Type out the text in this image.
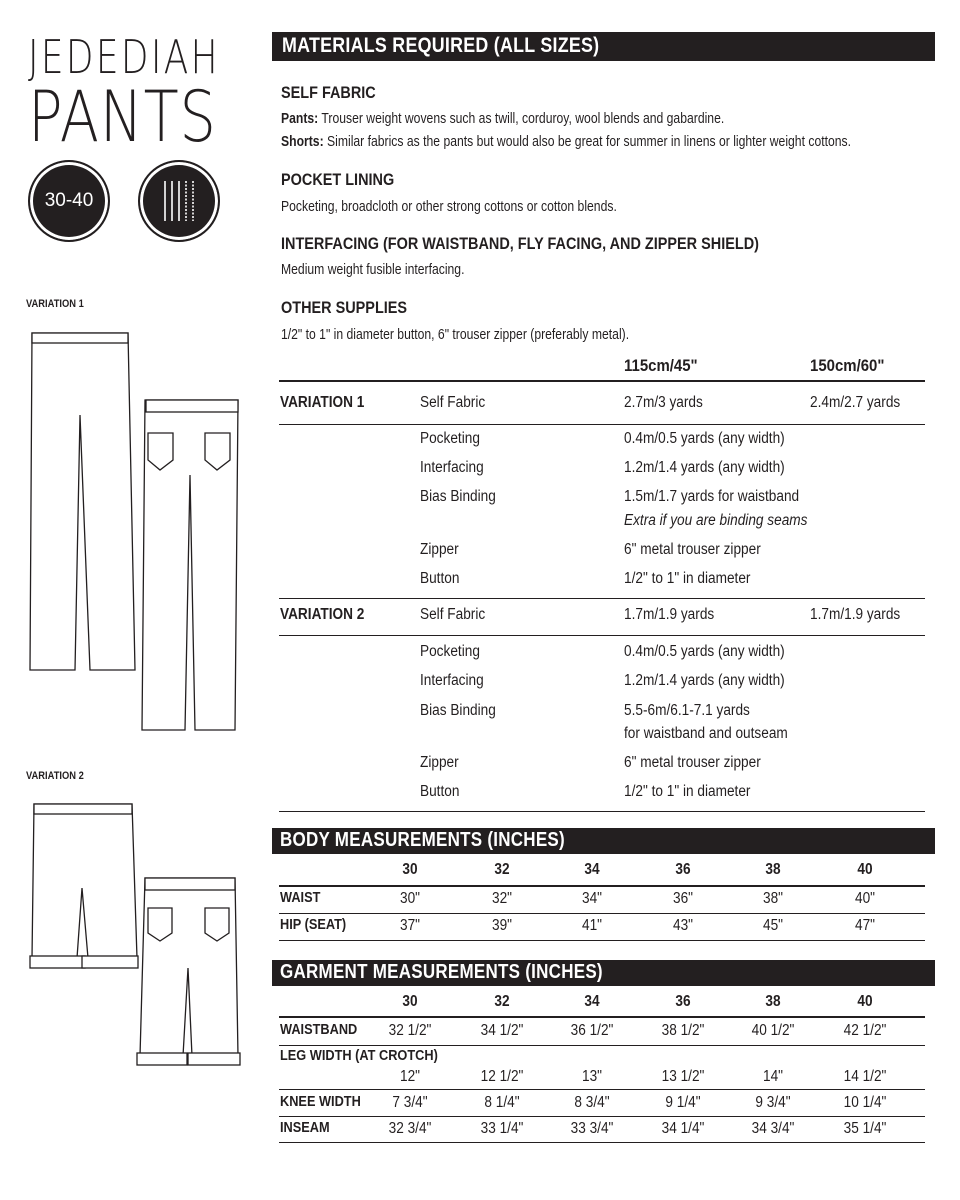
JEDEDIAH
PANTS
30-40
VARIATION 1
VARIATION 2
MATERIALS REQUIRED (ALL SIZES)
SELF FABRIC
Pants: Trouser weight wovens such as twill, corduroy, wool blends and gabardine.
Shorts: Similar fabrics as the pants but would also be great for summer in linens or lighter weight cottons.
POCKET LINING
Pocketing, broadcloth or other strong cottons or cotton blends.
INTERFACING (FOR WAISTBAND, FLY FACING, AND ZIPPER SHIELD)
Medium weight fusible interfacing.
OTHER SUPPLIES
1/2" to 1" in diameter button, 6" trouser zipper (preferably metal).
115cm/45"	150cm/60"
VARIATION 1	Self Fabric	2.7m/3 yards	2.4m/2.7 yards
Pocketing	0.4m/0.5 yards (any width)
Interfacing	1.2m/1.4 yards (any width)
Bias Binding	1.5m/1.7 yards for waistband
Extra if you are binding seams
Zipper	6" metal trouser zipper
Button	1/2" to 1" in diameter
VARIATION 2	Self Fabric	1.7m/1.9 yards	1.7m/1.9 yards
Pocketing	0.4m/0.5 yards (any width)
Interfacing	1.2m/1.4 yards (any width)
Bias Binding	5.5-6m/6.1-7.1 yards
for waistband and outseam
Zipper	6" metal trouser zipper
Button	1/2" to 1" in diameter
BODY MEASUREMENTS (INCHES)
30	32	34	36	38	40
WAIST	30"	32"	34"	36"	38"	40"
HIP (SEAT)	37"	39"	41"	43"	45"	47"
GARMENT MEASUREMENTS (INCHES)
30	32	34	36	38	40
WAISTBAND 32 1/2"	34 1/2"	36 1/2"	38 1/2"	40 1/2"	42 1/2"
LEG WIDTH (AT CROTCH)
12"	12 1/2"	13"	13 1/2"	14"	14 1/2"
KNEE WIDTH 7 3/4"	8 1/4"	8 3/4"	9 1/4"	9 3/4"	10 1/4"
INSEAM	32 3/4"	33 1/4"	33 3/4"	34 1/4"	34 3/4"	35 1/4"
